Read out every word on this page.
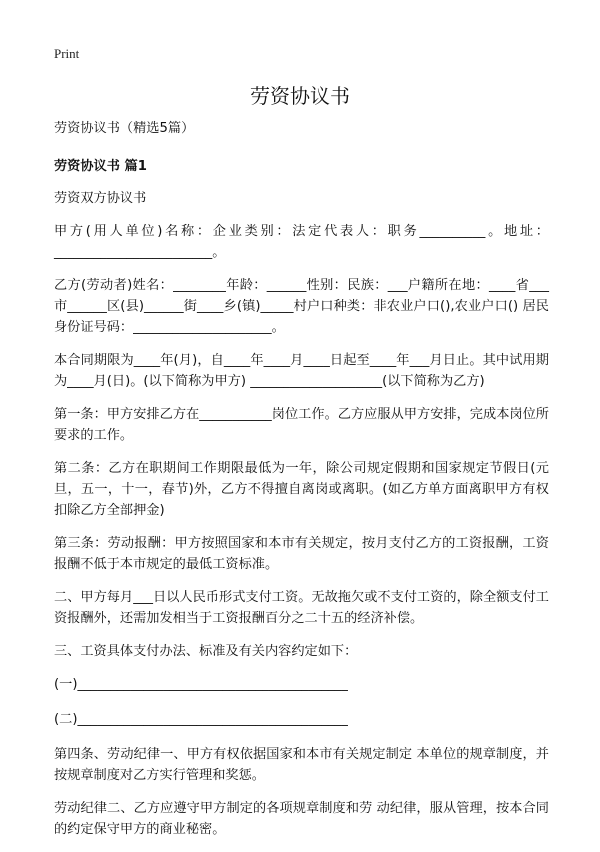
Print
劳资协议书

劳资协议书（精选5篇）

劳资协议书 篇1

劳资双方协议书

甲方(用人单位)名称：企业类别：法定代表人：职务__________。地址：________________________。

乙方(劳动者)姓名：________年龄：______性别：民族：___户籍所在地：____省___市______区(县)______街____乡(镇)_____村户口种类：非农业户口(),农业户口() 居民身份证号码：_____________________。

本合同期限为____年(月)，自____年____月____日起至____年___月日止。其中试用期为____月(日)。(以下简称为甲方) ____________________(以下简称为乙方)

第一条：甲方安排乙方在___________岗位工作。乙方应服从甲方安排，完成本岗位所要求的工作。

第二条：乙方在职期间工作期限最低为一年，除公司规定假期和国家规定节假日(元旦，五一，十一，春节)外，乙方不得擅自离岗或离职。(如乙方单方面离职甲方有权扣除乙方全部押金)

第三条：劳动报酬：甲方按照国家和本市有关规定，按月支付乙方的工资报酬，工资报酬不低于本市规定的最低工资标准。

二、甲方每月___日以人民币形式支付工资。无故拖欠或不支付工资的，除全额支付工资报酬外，还需加发相当于工资报酬百分之二十五的经济补偿。

三、工资具体支付办法、标准及有关内容约定如下：

(一)_________________________________________

(二)_________________________________________

第四条、劳动纪律一、甲方有权依据国家和本市有关规定制定 本单位的规章制度，并按规章制度对乙方实行管理和奖惩。

劳动纪律二、乙方应遵守甲方制定的各项规章制度和劳 动纪律，服从管理，按本合同的约定保守甲方的商业秘密。
